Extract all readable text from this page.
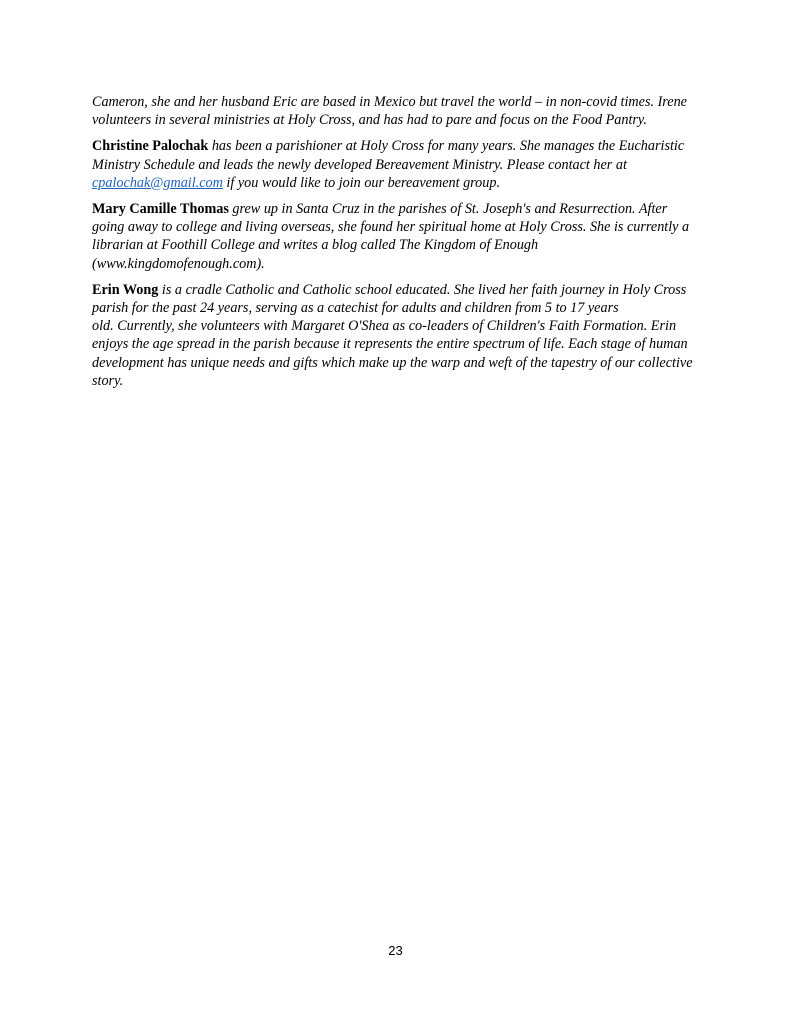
Cameron, she and her husband Eric are based in Mexico but travel the world – in non-covid times. Irene
volunteers in several ministries at Holy Cross, and has had to pare and focus on the Food Pantry.
Christine Palochak has been a parishioner at Holy Cross for many years. She manages the Eucharistic
Ministry Schedule and leads the newly developed Bereavement Ministry. Please contact her at
cpalochak@gmail.com if you would like to join our bereavement group.
Mary Camille Thomas grew up in Santa Cruz in the parishes of St. Joseph's and Resurrection. After
going away to college and living overseas, she found her spiritual home at Holy Cross. She is currently a
librarian at Foothill College and writes a blog called The Kingdom of Enough
(www.kingdomofenough.com).
Erin Wong is a cradle Catholic and Catholic school educated. She lived her faith journey in Holy Cross
parish for the past 24 years, serving as a catechist for adults and children from 5 to 17 years
old. Currently, she volunteers with Margaret O'Shea as co-leaders of Children's Faith Formation. Erin
enjoys the age spread in the parish because it represents the entire spectrum of life. Each stage of human
development has unique needs and gifts which make up the warp and weft of the tapestry of our collective
story.
23
